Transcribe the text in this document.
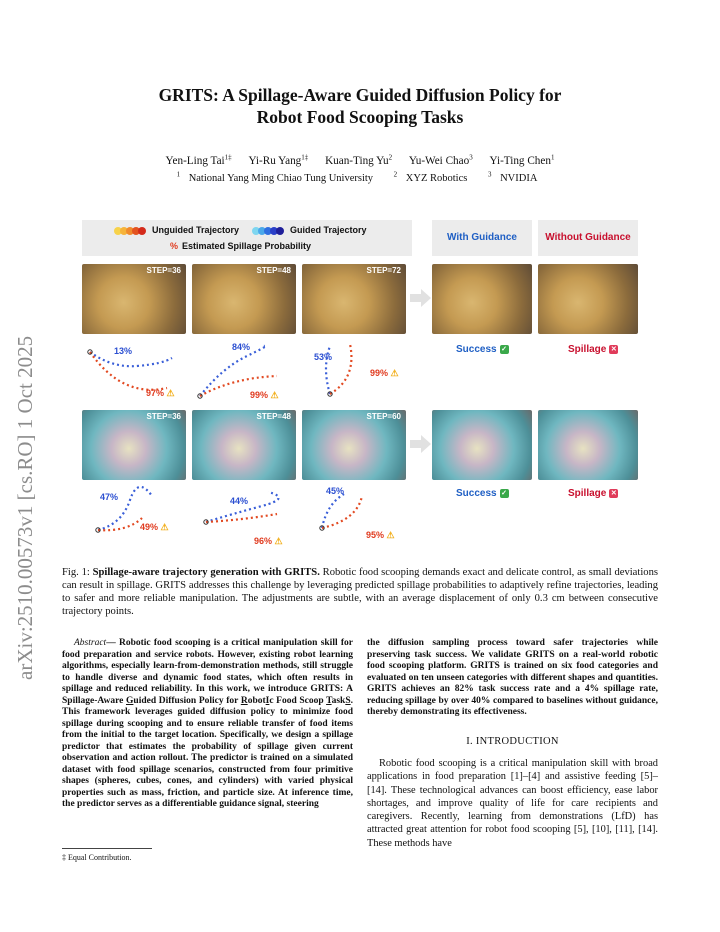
arXiv:2510.00573v1 [cs.RO] 1 Oct 2025
GRITS: A Spillage-Aware Guided Diffusion Policy for
Robot Food Scooping Tasks
Yen-Ling Tai$^{1\ddagger}$ Yi-Ru Yang$^{1\ddagger}$ Kuan-Ting Yu$^2$ Yu-Wei Chao$^3$ Yi-Ting Chen$^1$
$^1$ National Yang Ming Chiao Tung University	$^2$ XYZ Robotics	$^3$ NVIDIA
Unguided Trajectory	Guided Trajectory
% Estimated Spillage Probability
With Guidance	Without Guidance
STEP=36	STEP=48	STEP=72
13%
97% ⚠
84%
99% ⚠
53%
99% ⚠
Success ✓	Spillage ✕
STEP=36	STEP=48	STEP=60
47%
49% ⚠
44%
96% ⚠
45%
95% ⚠
Success ✓	Spillage ✕
Fig. 1: Spillage-aware trajectory generation with GRITS. Robotic food scooping demands exact and delicate control, as small deviations can result in spillage. GRITS addresses this challenge by leveraging predicted spillage probabilities to adaptively refine trajectories, leading to safer and more reliable manipulation. The adjustments are subtle, with an average displacement of only 0.3 cm between consecutive trajectory points.
Abstract— Robotic food scooping is a critical manipulation skill for food preparation and service robots. However, existing robot learning algorithms, especially learn-from-demonstration methods, still struggle to handle diverse and dynamic food states, which often results in spillage and reduced reliability. In this work, we introduce GRITS: A Spillage-Aware Guided Diffusion Policy for RobotIc Food Scoop TaskS. This framework leverages guided diffusion policy to minimize food spillage during scooping and to ensure reliable transfer of food items from the initial to the target location. Specifically, we design a spillage predictor that estimates the probability of spillage given current observation and action rollout. The predictor is trained on a simulated dataset with food spillage scenarios, constructed from four primitive shapes (spheres, cubes, cones, and cylinders) with varied physical properties such as mass, friction, and particle size. At inference time, the predictor serves as a differentiable guidance signal, steering
‡ Equal Contribution.
the diffusion sampling process toward safer trajectories while preserving task success. We validate GRITS on a real-world robotic food scooping platform. GRITS is trained on six food categories and evaluated on ten unseen categories with different shapes and quantities. GRITS achieves an 82% task success rate and a 4% spillage rate, reducing spillage by over 40% compared to baselines without guidance, thereby demonstrating its effectiveness.
I. INTRODUCTION
Robotic food scooping is a critical manipulation skill with broad applications in food preparation [1]–[4] and assistive feeding [5]–[14]. These technological advances can boost efficiency, ease labor shortages, and improve quality of life for care recipients and caregivers. Recently, learning from demonstrations (LfD) has attracted great attention for robot food scooping [5], [10], [11], [14]. These methods have
